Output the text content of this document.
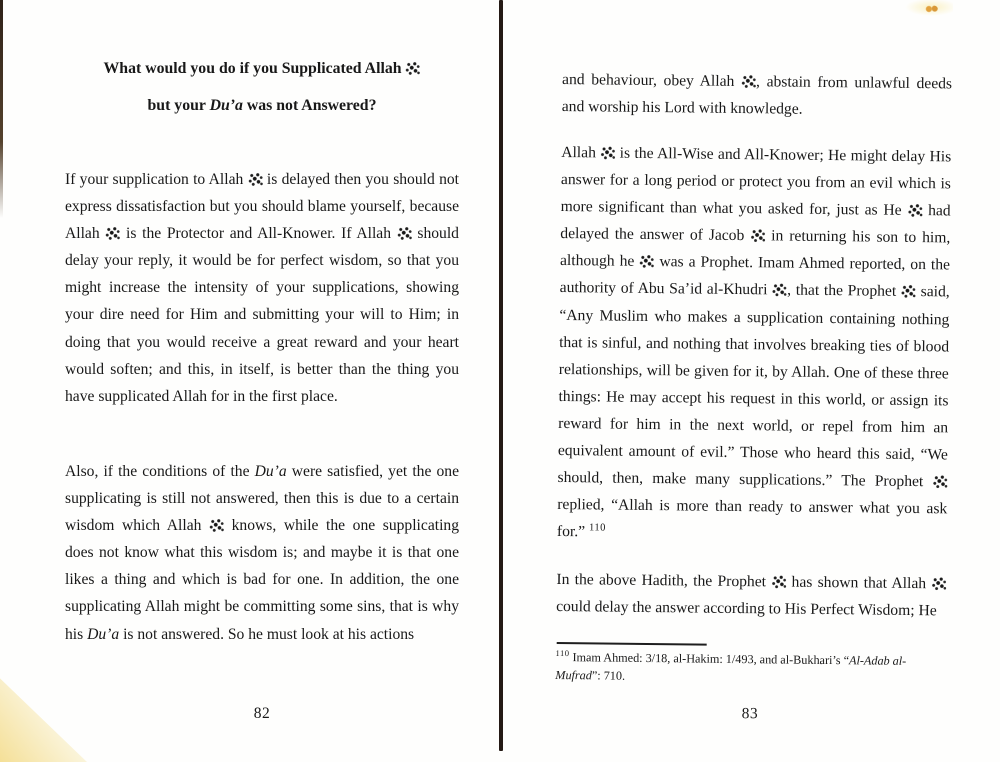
What would you do if you Supplicated Allah
but your Du’a was not Answered?

If your supplication to Allah  is delayed then you should not express dissatisfaction but you should blame yourself, because Allah  is the Protector and All-Knower. If Allah  should delay your reply, it would be for perfect wisdom, so that you might increase the intensity of your supplications, showing your dire need for Him and submitting your will to Him; in doing that you would receive a great reward and your heart would soften; and this, in itself, is better than the thing you have supplicated Allah for in the first place.

Also, if the conditions of the Du’a were satisfied, yet the one supplicating is still not answered, then this is due to a certain wisdom which Allah  knows, while the one supplicating does not know what this wisdom is; and maybe it is that one likes a thing and which is bad for one. In addition, the one supplicating Allah might be committing some sins, that is why his Du’a is not answered. So he must look at his actions

82

and behaviour, obey Allah , abstain from unlawful deeds and worship his Lord with knowledge.

Allah  is the All-Wise and All-Knower; He might delay His answer for a long period or protect you from an evil which is more significant than what you asked for, just as He  had delayed the answer of Jacob  in returning his son to him, although he  was a Prophet. Imam Ahmed reported, on the authority of Abu Sa’id al-Khudri , that the Prophet  said, “Any Muslim who makes a supplication containing nothing that is sinful, and nothing that involves breaking ties of blood relationships, will be given for it, by Allah. One of these three things: He may accept his request in this world, or assign its reward for him in the next world, or repel from him an equivalent amount of evil.” Those who heard this said, “We should, then, make many supplications.” The Prophet  replied, “Allah is more than ready to answer what you ask for.” $^{110}$

In the above Hadith, the Prophet  has shown that Allah  could delay the answer according to His Perfect Wisdom; He

$^{110}$ Imam Ahmed: 3/18, al-Hakim: 1/493, and al-Bukhari’s “Al-Adab al-Mufrad”: 710.
83
